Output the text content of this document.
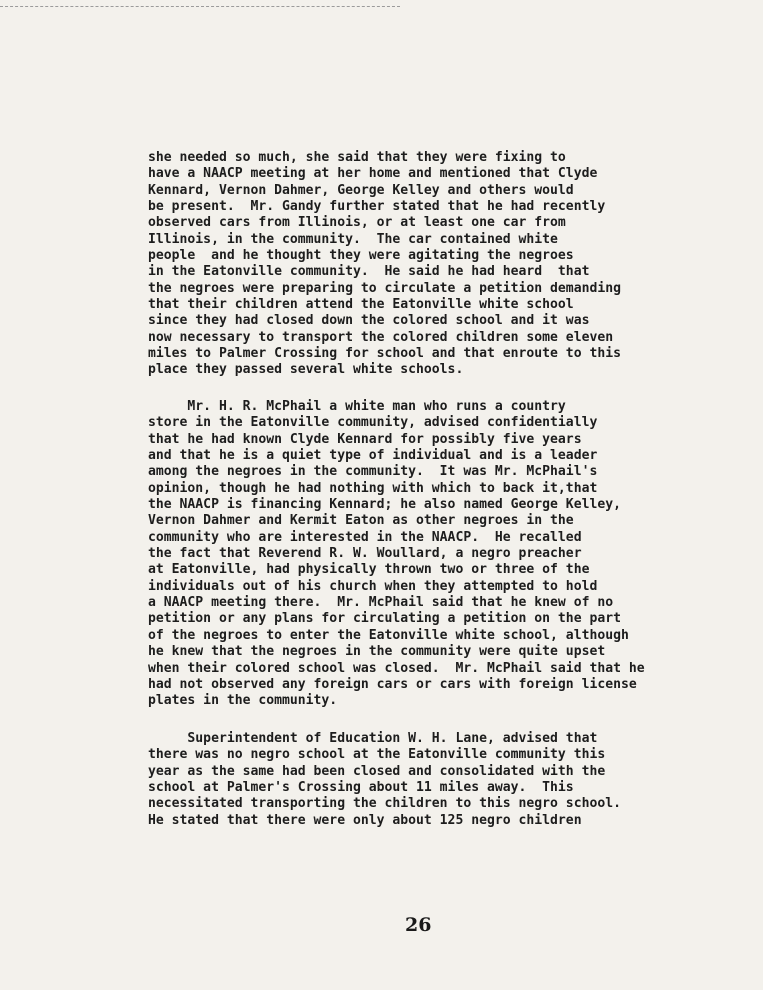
she needed so much, she said that they were fixing to
have a NAACP meeting at her home and mentioned that Clyde
Kennard, Vernon Dahmer, George Kelley and others would
be present.  Mr. Gandy further stated that he had recently
observed cars from Illinois, or at least one car from
Illinois, in the community.  The car contained white
people  and he thought they were agitating the negroes
in the Eatonville community.  He said he had heard  that
the negroes were preparing to circulate a petition demanding
that their children attend the Eatonville white school
since they had closed down the colored school and it was
now necessary to transport the colored children some eleven
miles to Palmer Crossing for school and that enroute to this
place they passed several white schools.
Mr. H. R. McPhail a white man who runs a country
store in the Eatonville community, advised confidentially
that he had known Clyde Kennard for possibly five years
and that he is a quiet type of individual and is a leader
among the negroes in the community.  It was Mr. McPhail's
opinion, though he had nothing with which to back it,that
the NAACP is financing Kennard; he also named George Kelley,
Vernon Dahmer and Kermit Eaton as other negroes in the
community who are interested in the NAACP.  He recalled
the fact that Reverend R. W. Woullard, a negro preacher
at Eatonville, had physically thrown two or three of the
individuals out of his church when they attempted to hold
a NAACP meeting there.  Mr. McPhail said that he knew of no
petition or any plans for circulating a petition on the part
of the negroes to enter the Eatonville white school, although
he knew that the negroes in the community were quite upset
when their colored school was closed.  Mr. McPhail said that he
had not observed any foreign cars or cars with foreign license
plates in the community.
Superintendent of Education W. H. Lane, advised that
there was no negro school at the Eatonville community this
year as the same had been closed and consolidated with the
school at Palmer's Crossing about 11 miles away.  This
necessitated transporting the children to this negro school.
He stated that there were only about 125 negro children
26
